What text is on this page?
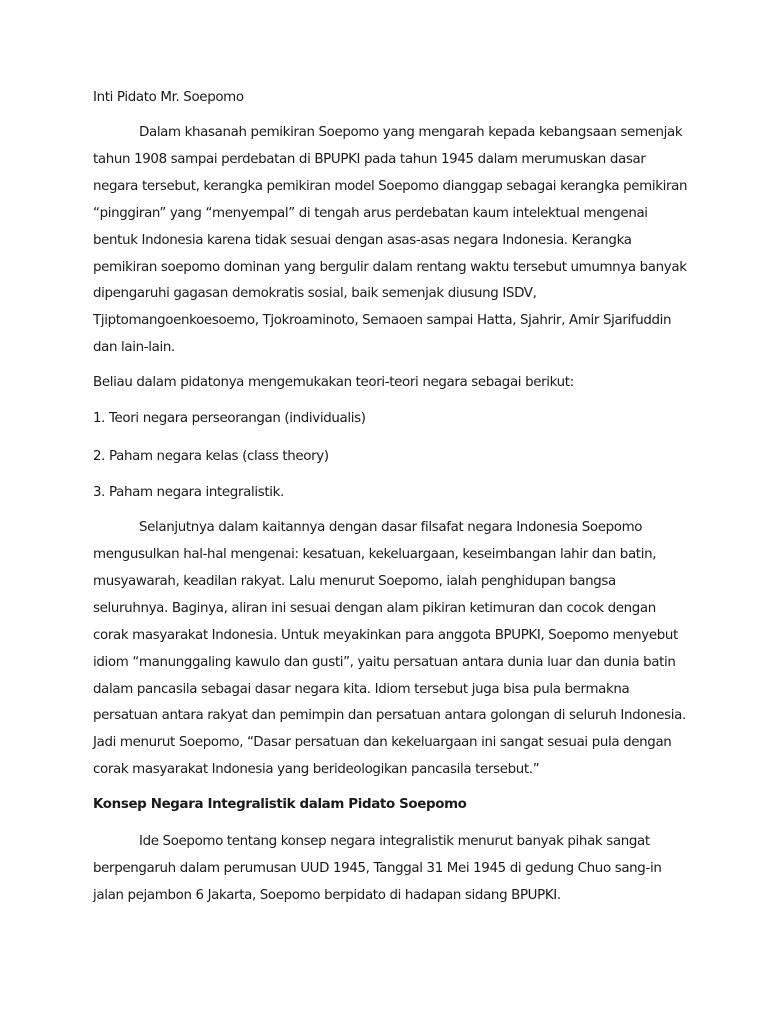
Inti Pidato Mr. Soepomo
Dalam khasanah pemikiran Soepomo yang mengarah kepada kebangsaan semenjak
tahun 1908 sampai perdebatan di BPUPKI pada tahun 1945 dalam merumuskan dasar
negara tersebut, kerangka pemikiran model Soepomo dianggap sebagai kerangka pemikiran
“pinggiran” yang “menyempal” di tengah arus perdebatan kaum intelektual mengenai
bentuk Indonesia karena tidak sesuai dengan asas-asas negara Indonesia. Kerangka
pemikiran soepomo dominan yang bergulir dalam rentang waktu tersebut umumnya banyak
dipengaruhi gagasan demokratis sosial, baik semenjak diusung ISDV,
Tjiptomangoenkoesoemo, Tjokroaminoto, Semaoen sampai Hatta, Sjahrir, Amir Sjarifuddin
dan lain-lain.
Beliau dalam pidatonya mengemukakan teori-teori negara sebagai berikut:
1. Teori negara perseorangan (individualis)
2. Paham negara kelas (class theory)
3. Paham negara integralistik.
Selanjutnya dalam kaitannya dengan dasar filsafat negara Indonesia Soepomo
mengusulkan hal-hal mengenai: kesatuan, kekeluargaan, keseimbangan lahir dan batin,
musyawarah, keadilan rakyat. Lalu menurut Soepomo, ialah penghidupan bangsa
seluruhnya. Baginya, aliran ini sesuai dengan alam pikiran ketimuran dan cocok dengan
corak masyarakat Indonesia. Untuk meyakinkan para anggota BPUPKI, Soepomo menyebut
idiom “manunggaling kawulo dan gusti”, yaitu persatuan antara dunia luar dan dunia batin
dalam pancasila sebagai dasar negara kita. Idiom tersebut juga bisa pula bermakna
persatuan antara rakyat dan pemimpin dan persatuan antara golongan di seluruh Indonesia.
Jadi menurut Soepomo, “Dasar persatuan dan kekeluargaan ini sangat sesuai pula dengan
corak masyarakat Indonesia yang berideologikan pancasila tersebut.”
Konsep Negara Integralistik dalam Pidato Soepomo
Ide Soepomo tentang konsep negara integralistik menurut banyak pihak sangat
berpengaruh dalam perumusan UUD 1945, Tanggal 31 Mei 1945 di gedung Chuo sang-in
jalan pejambon 6 Jakarta, Soepomo berpidato di hadapan sidang BPUPKI.
